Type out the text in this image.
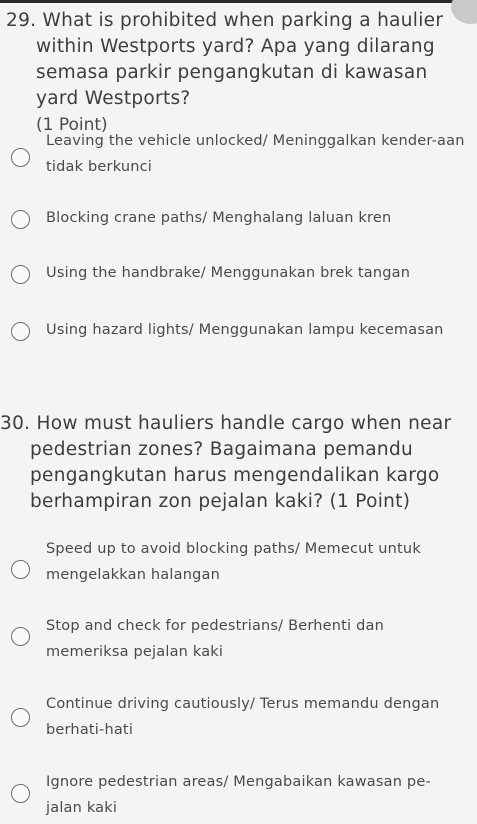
29. What is prohibited when parking a haulier within Westports yard? Apa yang dilarang semasa parkir pengangkutan di kawasan yard Westports?
(1 Point)
Leaving the vehicle unlocked/ Meninggalkan kender-aan tidak berkunci
Blocking crane paths/ Menghalang laluan kren
Using the handbrake/ Menggunakan brek tangan
Using hazard lights/ Menggunakan lampu kecemasan
30. How must hauliers handle cargo when near pedestrian zones? Bagaimana pemandu pengangkutan harus mengendalikan kargo berhampiran zon pejalan kaki? (1 Point)
Speed up to avoid blocking paths/ Memecut untuk mengelakkan halangan
Stop and check for pedestrians/ Berhenti dan memeriksa pejalan kaki
Continue driving cautiously/ Terus memandu dengan berhati-hati
Ignore pedestrian areas/ Mengabaikan kawasan pe-jalan kaki
